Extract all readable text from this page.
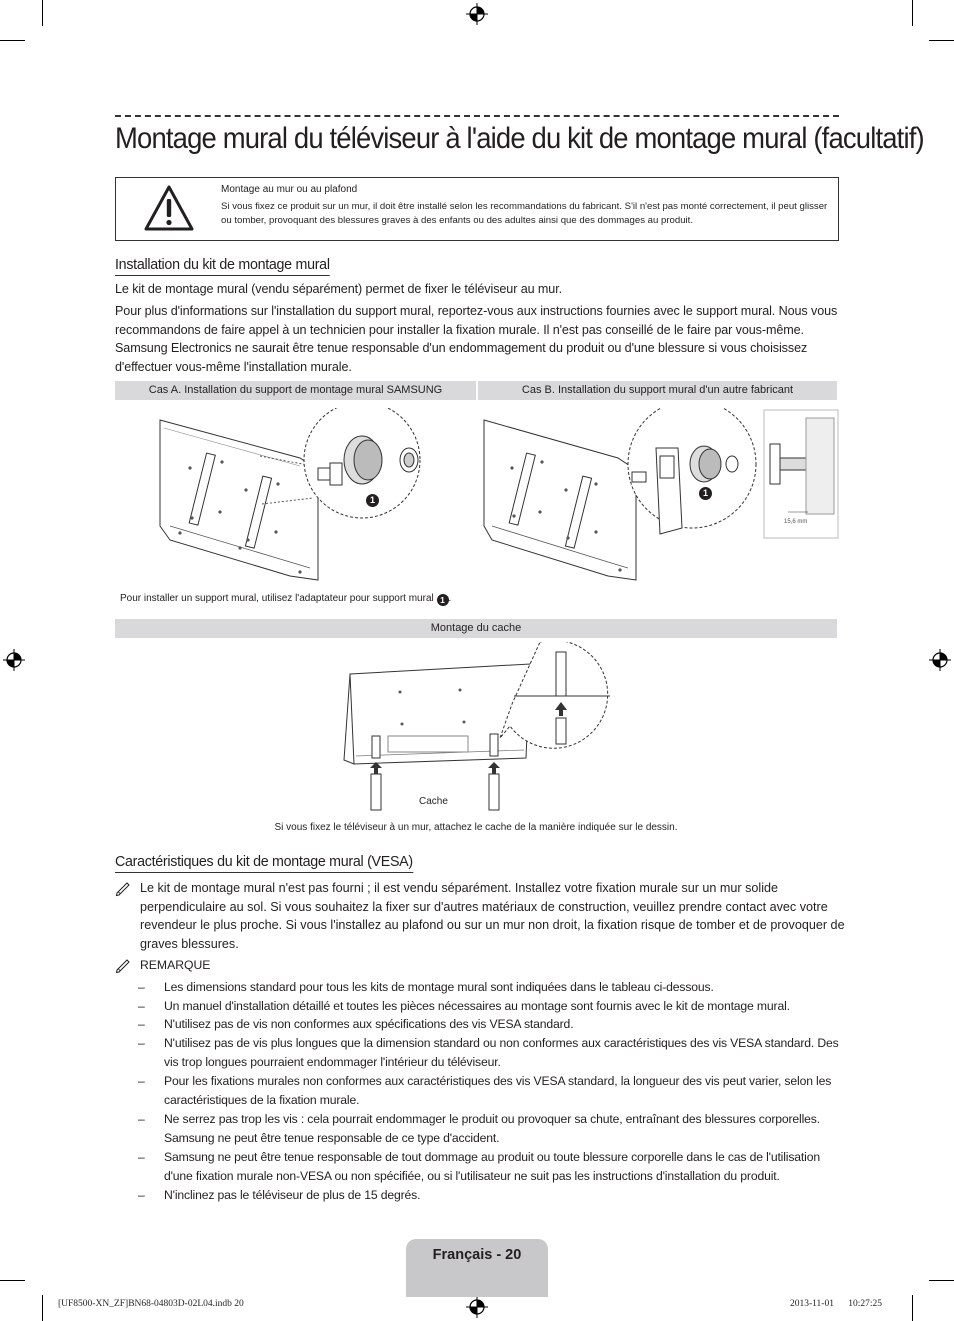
Montage mural du téléviseur à l'aide du kit de montage mural (facultatif)
Montage au mur ou au plafond
Si vous fixez ce produit sur un mur, il doit être installé selon les recommandations du fabricant. S'il n'est pas monté correctement, il peut glisser ou tomber, provoquant des blessures graves à des enfants ou des adultes ainsi que des dommages au produit.
Installation du kit de montage mural
Le kit de montage mural (vendu séparément) permet de fixer le téléviseur au mur.
Pour plus d'informations sur l'installation du support mural, reportez-vous aux instructions fournies avec le support mural. Nous vous recommandons de faire appel à un technicien pour installer la fixation murale. Il n'est pas conseillé de le faire par vous-même. Samsung Electronics ne saurait être tenue responsable d'un endommagement du produit ou d'une blessure si vous choisissez d'effectuer vous-même l'installation murale.
Cas A. Installation du support de montage mural SAMSUNG	Cas B. Installation du support mural d'un autre fabricant
1
1
15,6 mm
Pour installer un support mural, utilisez l'adaptateur pour support mural 1 .
Montage du cache
Cache
Si vous fixez le téléviseur à un mur, attachez le cache de la manière indiquée sur le dessin.
Caractéristiques du kit de montage mural (VESA)
Le kit de montage mural n'est pas fourni ; il est vendu séparément. Installez votre fixation murale sur un mur solide perpendiculaire au sol. Si vous souhaitez la fixer sur d'autres matériaux de construction, veuillez prendre contact avec votre revendeur le plus proche. Si vous l'installez au plafond ou sur un mur non droit, la fixation risque de tomber et de provoquer de graves blessures.
REMARQUE
– Les dimensions standard pour tous les kits de montage mural sont indiquées dans le tableau ci-dessous.
– Un manuel d'installation détaillé et toutes les pièces nécessaires au montage sont fournis avec le kit de montage mural.
– N'utilisez pas de vis non conformes aux spécifications des vis VESA standard.
– N'utilisez pas de vis plus longues que la dimension standard ou non conformes aux caractéristiques des vis VESA standard. Des vis trop longues pourraient endommager l'intérieur du téléviseur.
– Pour les fixations murales non conformes aux caractéristiques des vis VESA standard, la longueur des vis peut varier, selon les caractéristiques de la fixation murale.
– Ne serrez pas trop les vis : cela pourrait endommager le produit ou provoquer sa chute, entraînant des blessures corporelles. Samsung ne peut être tenue responsable de ce type d'accident.
– Samsung ne peut être tenue responsable de tout dommage au produit ou toute blessure corporelle dans le cas de l'utilisation d'une fixation murale non-VESA ou non spécifiée, ou si l'utilisateur ne suit pas les instructions d'installation du produit.
– N'inclinez pas le téléviseur de plus de 15 degrés.
Français - 20
[UF8500-XN_ZF]BN68-04803D-02L04.indb 20	2013-11-01   10:27:25
